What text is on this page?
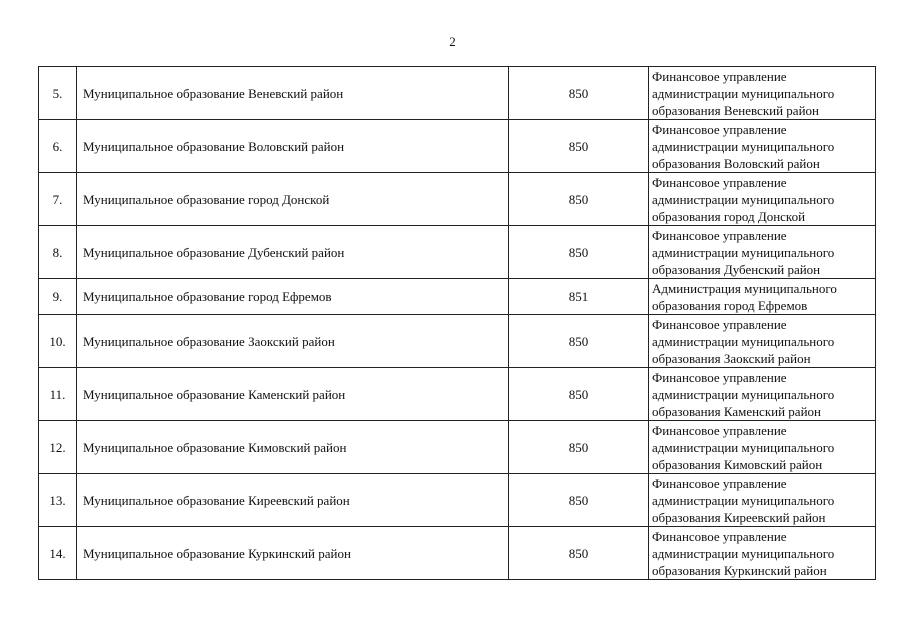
2
5.	Муниципальное образование Веневский район	850	Финансовое управление
администрации муниципального
образования Веневский район

6.	Муниципальное образование Воловский район	850	Финансовое управление
администрации муниципального
образования Воловский район

7.	Муниципальное образование город Донской	850	Финансовое управление
администрации муниципального
образования город Донской

8.	Муниципальное образование Дубенский район	850	Финансовое управление
администрации муниципального
образования Дубенский район

9.	Муниципальное образование город Ефремов	851	Администрация муниципального
образования город Ефремов

10.	Муниципальное образование Заокский район	850	Финансовое управление
администрации муниципального
образования Заокский район

11.	Муниципальное образование Каменский район	850	Финансовое управление
администрации муниципального
образования Каменский район

12.	Муниципальное образование Кимовский район	850	Финансовое управление
администрации муниципального
образования Кимовский район

13.	Муниципальное образование Киреевский район	850	Финансовое управление
администрации муниципального
образования Киреевский район

14.	Муниципальное образование Куркинский район	850	Финансовое управление
администрации муниципального
образования Куркинский район
